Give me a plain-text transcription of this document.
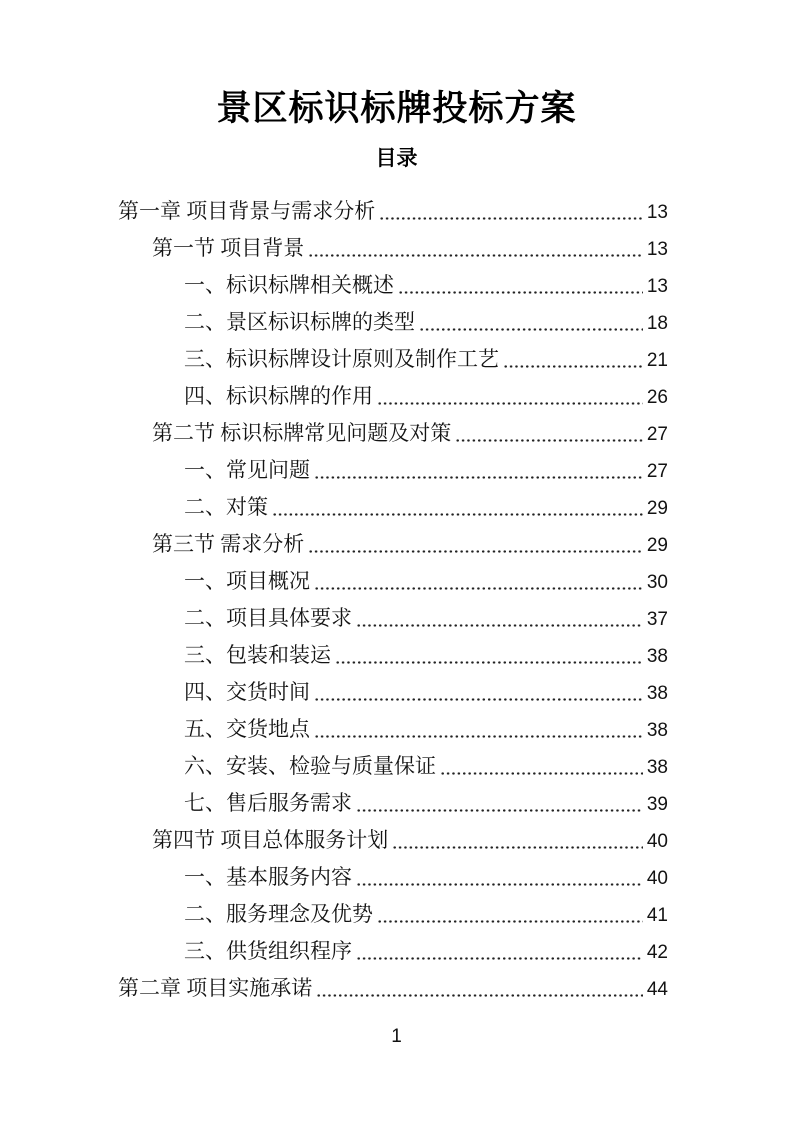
景区标识标牌投标方案
目录
第一章 项目背景与需求分析	13
第一节 项目背景	13
一、标识标牌相关概述	13
二、景区标识标牌的类型	18
三、标识标牌设计原则及制作工艺	21
四、标识标牌的作用	26
第二节 标识标牌常见问题及对策	27
一、常见问题	27
二、对策	29
第三节 需求分析	29
一、项目概况	30
二、项目具体要求	37
三、包装和装运	38
四、交货时间	38
五、交货地点	38
六、安装、检验与质量保证	38
七、售后服务需求	39
第四节 项目总体服务计划	40
一、基本服务内容	40
二、服务理念及优势	41
三、供货组织程序	42
第二章 项目实施承诺	44
1
